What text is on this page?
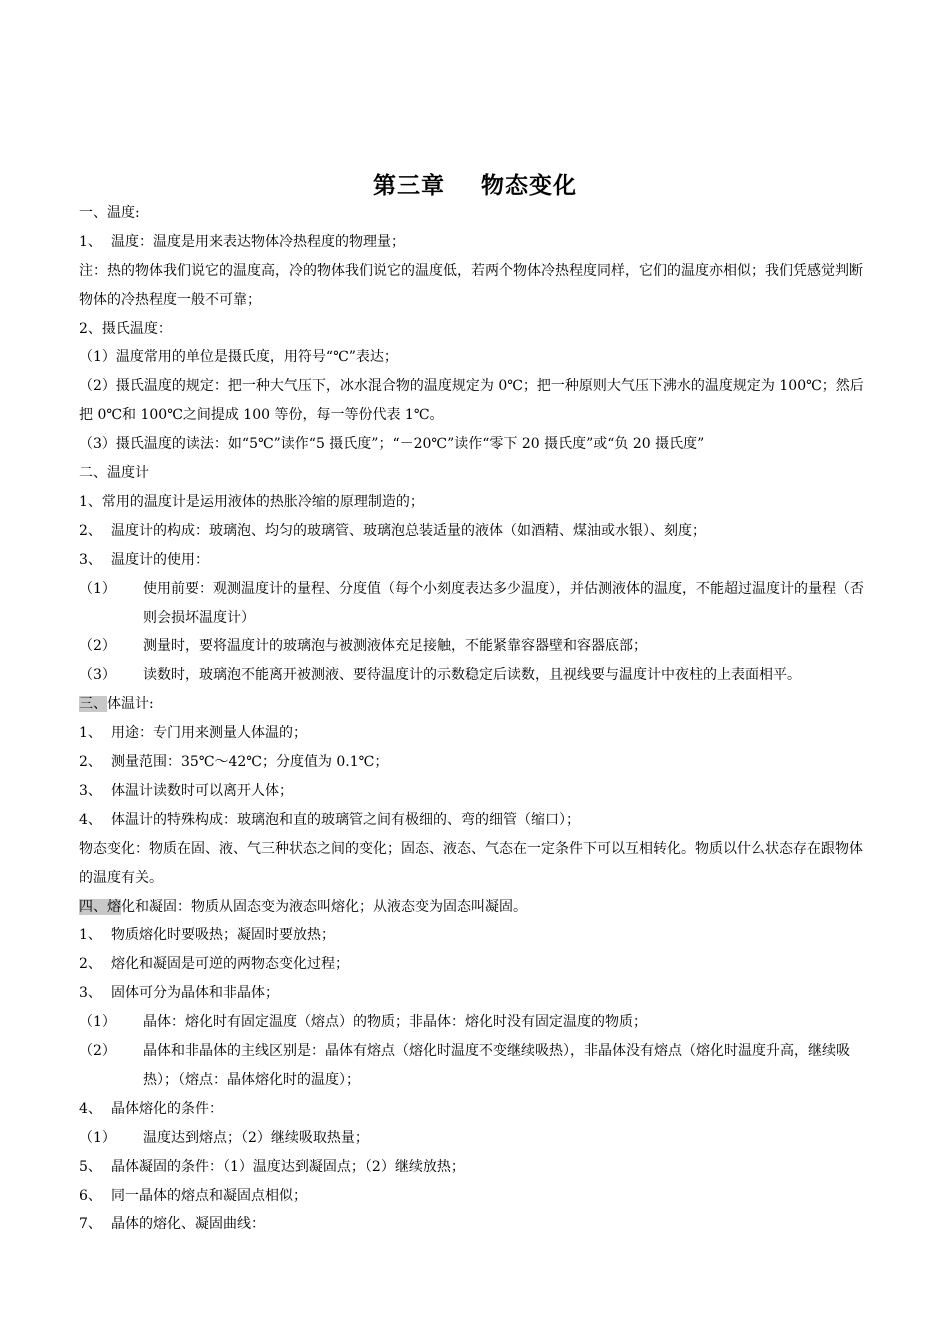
第三章    物态变化
一、温度:
1、 温度：温度是用来表达物体冷热程度的物理量；
注：热的物体我们说它的温度高，冷的物体我们说它的温度低，若两个物体冷热程度同样，它们的温度亦相似；我们凭感觉判断物体的冷热程度一般不可靠；
2、摄氏温度：
（1）温度常用的单位是摄氏度，用符号“℃”表达；
（2）摄氏温度的规定：把一种大气压下，冰水混合物的温度规定为 0℃；把一种原则大气压下沸水的温度规定为 100℃；然后把 0℃和 100℃之间提成 100 等份，每一等份代表 1℃。
（3）摄氏温度的读法：如“5℃”读作“5 摄氏度”；“－20℃”读作“零下 20 摄氏度”或“负 20 摄氏度”
二、温度计
1、常用的温度计是运用液体的热胀冷缩的原理制造的；
2、 温度计的构成：玻璃泡、均匀的玻璃管、玻璃泡总装适量的液体（如酒精、煤油或水银）、刻度；
3、 温度计的使用：
（1）	使用前要：观测温度计的量程、分度值（每个小刻度表达多少温度），并估测液体的温度，不能超过温度计的量程（否则会损坏温度计）
（2）	测量时，要将温度计的玻璃泡与被测液体充足接触，不能紧靠容器壁和容器底部；
（3）	读数时，玻璃泡不能离开被测液、要待温度计的示数稳定后读数，且视线要与温度计中夜柱的上表面相平。
三、体温计:
1、 用途：专门用来测量人体温的；
2、 测量范围：35℃～42℃；分度值为 0.1℃；
3、 体温计读数时可以离开人体；
4、 体温计的特殊构成：玻璃泡和直的玻璃管之间有极细的、弯的细管（缩口）；
物态变化：物质在固、液、气三种状态之间的变化；固态、液态、气态在一定条件下可以互相转化。物质以什么状态存在跟物体的温度有关。
四、熔化和凝固：物质从固态变为液态叫熔化；从液态变为固态叫凝固。
1、 物质熔化时要吸热；凝固时要放热；
2、 熔化和凝固是可逆的两物态变化过程；
3、 固体可分为晶体和非晶体；
（1）	晶体：熔化时有固定温度（熔点）的物质；非晶体：熔化时没有固定温度的物质；
（2）	晶体和非晶体的主线区别是：晶体有熔点（熔化时温度不变继续吸热），非晶体没有熔点（熔化时温度升高，继续吸热）；（熔点：晶体熔化时的温度）；
4、 晶体熔化的条件：
（1）	温度达到熔点；（2）继续吸取热量；
5、 晶体凝固的条件：（1）温度达到凝固点；（2）继续放热；
6、 同一晶体的熔点和凝固点相似；
7、 晶体的熔化、凝固曲线：
